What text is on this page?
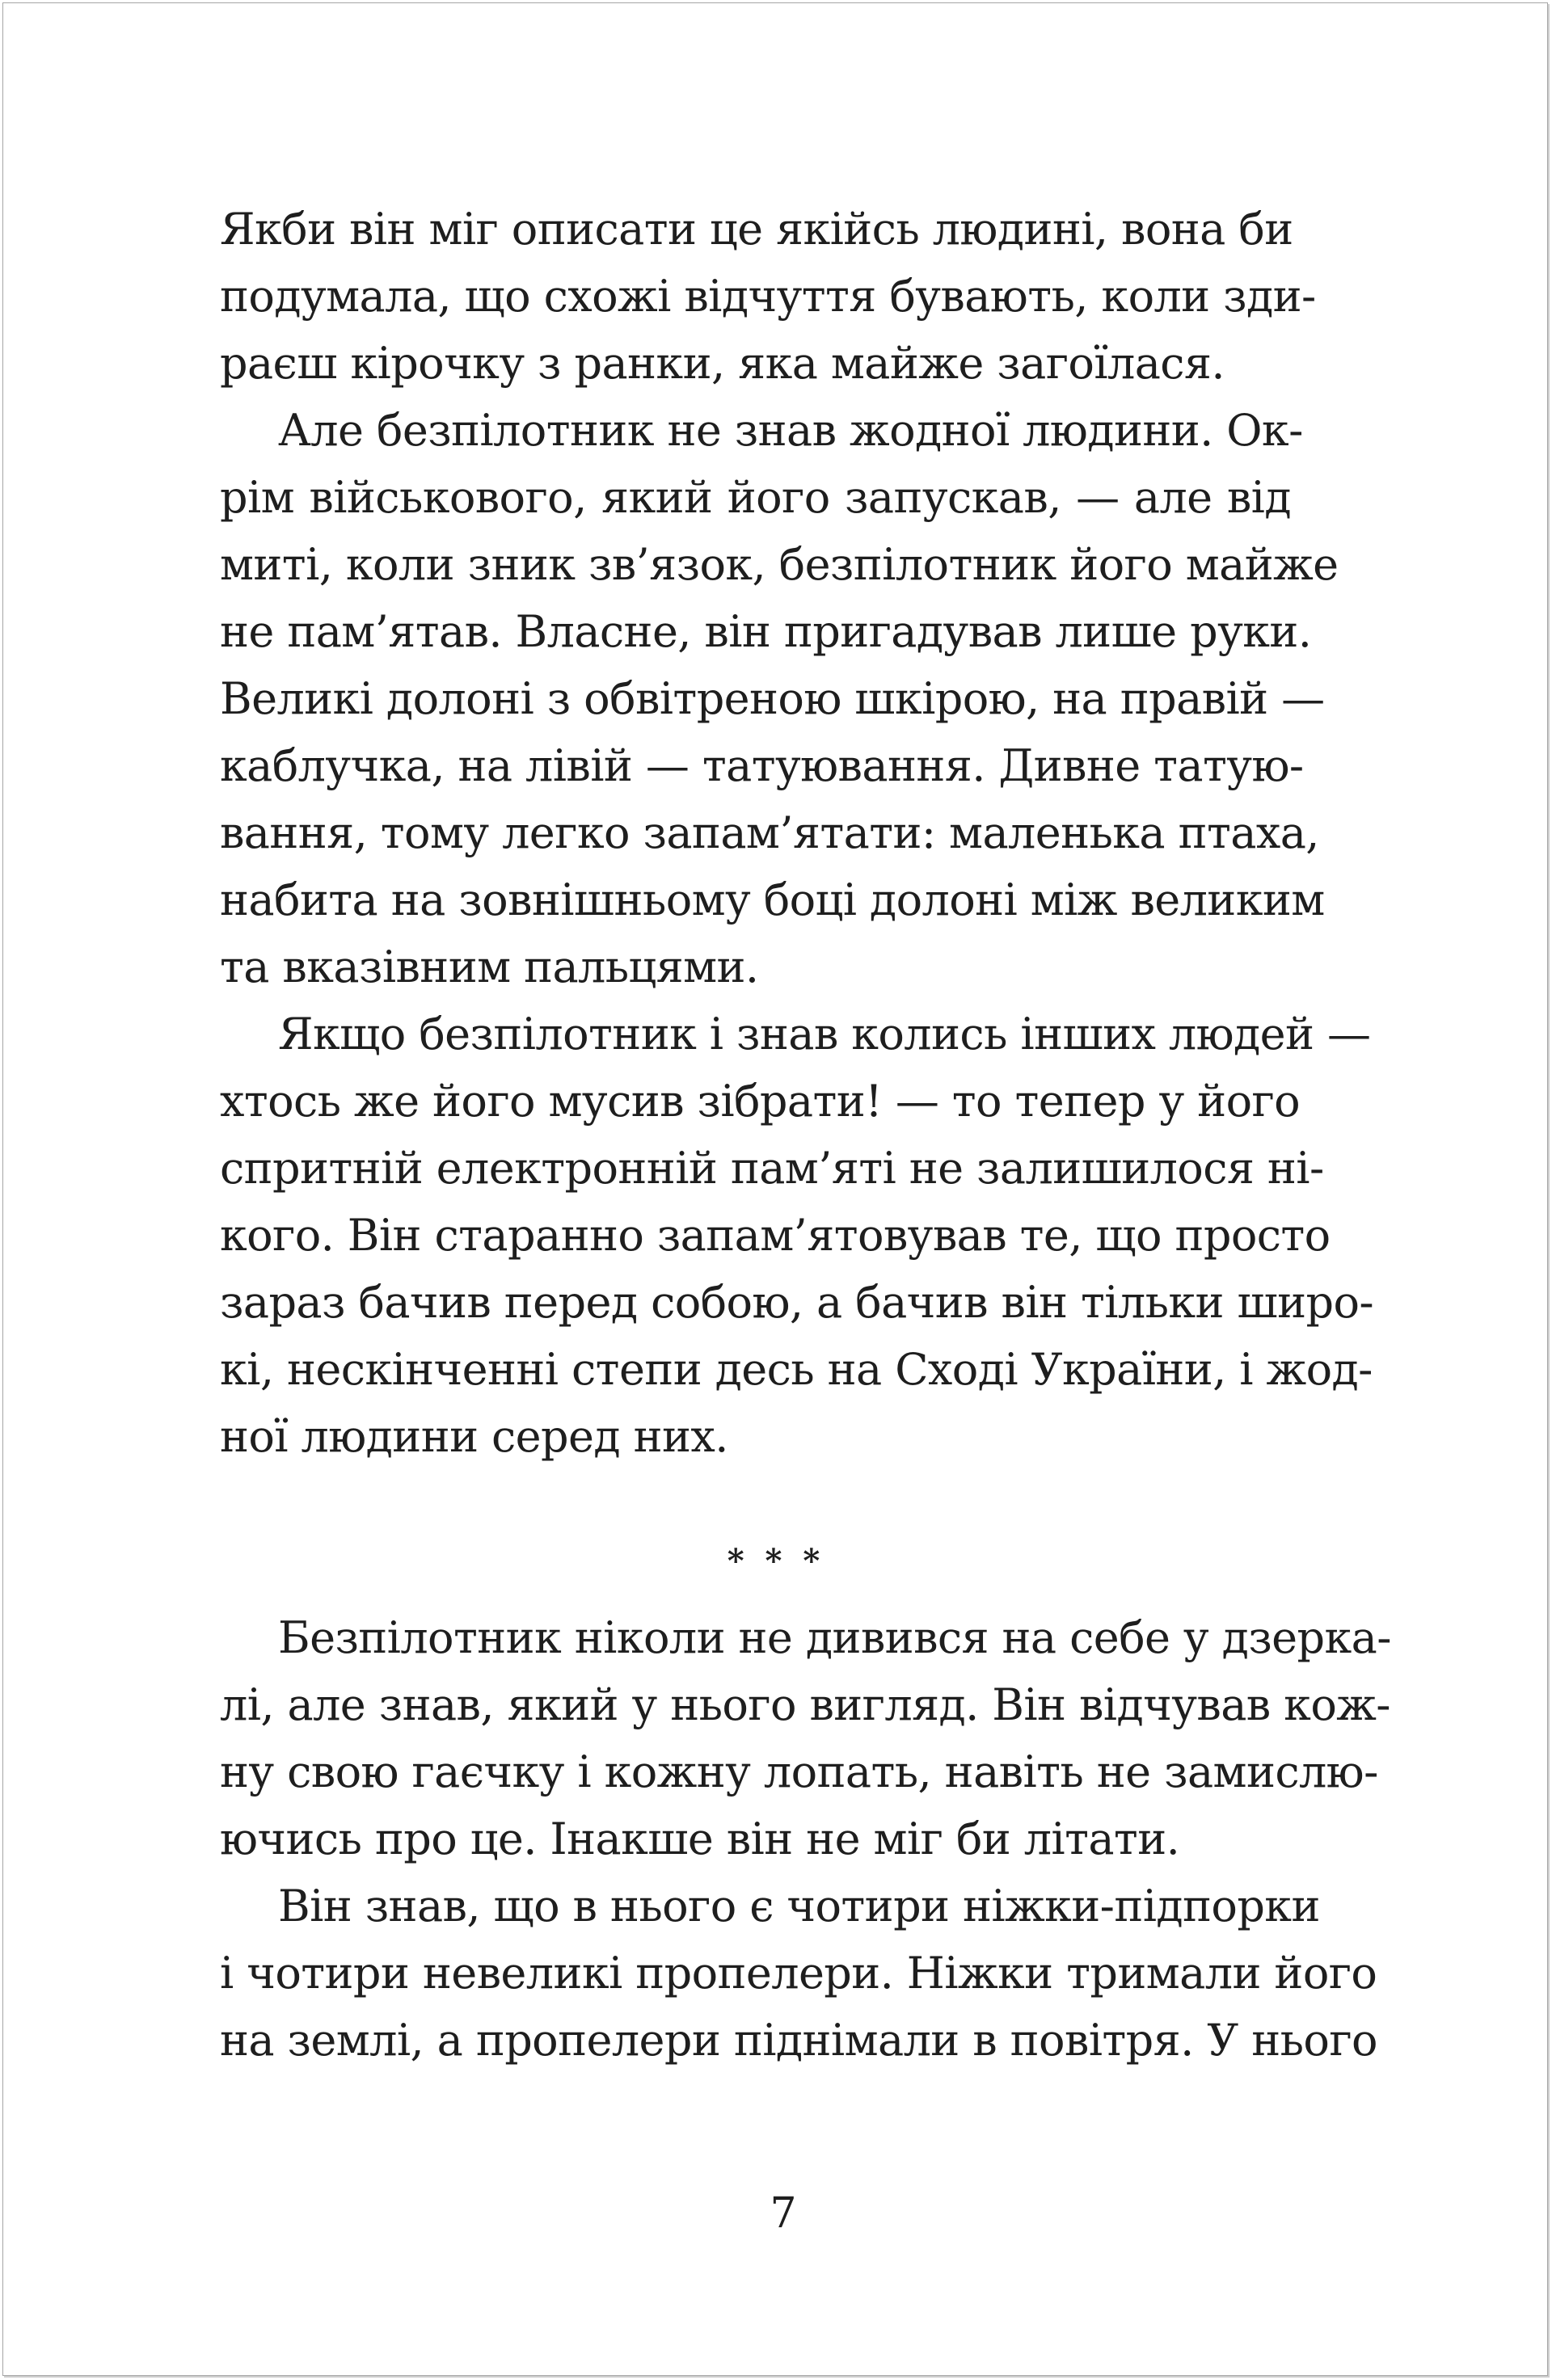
Якби він міг описати це якійсь людині, вона би
подумала, що схожі відчуття бувають, коли зди-
раєш кірочку з ранки, яка майже загоїлася.
Але безпілотник не знав жодної людини. Ок-
рім військового, який його запускав, — але від
миті, коли зник зв’язок, безпілотник його майже
не пам’ятав. Власне, він пригадував лише руки.
Великі долоні з обвітреною шкірою, на правій —
каблучка, на лівій — татуювання. Дивне татую-
вання, тому легко запам’ятати: маленька птаха,
набита на зовнішньому боці долоні між великим
та вказівним пальцями.
Якщо безпілотник і знав колись інших людей —
хтось же його мусив зібрати! — то тепер у його
спритній електронній пам’яті не залишилося ні-
кого. Він старанно запам’ятовував те, що просто
зараз бачив перед собою, а бачив він тільки широ-
кі, нескінченні степи десь на Сході України, і жод-
ної людини серед них.
* * *
Безпілотник ніколи не дивився на себе у дзерка-
лі, але знав, який у нього вигляд. Він відчував кож-
ну свою гаєчку і кожну лопать, навіть не замислю-
ючись про це. Інакше він не міг би літати.
Він знав, що в нього є чотири ніжки-підпорки
і чотири невеликі пропелери. Ніжки тримали його
на землі, а пропелери піднімали в повітря. У нього
7
